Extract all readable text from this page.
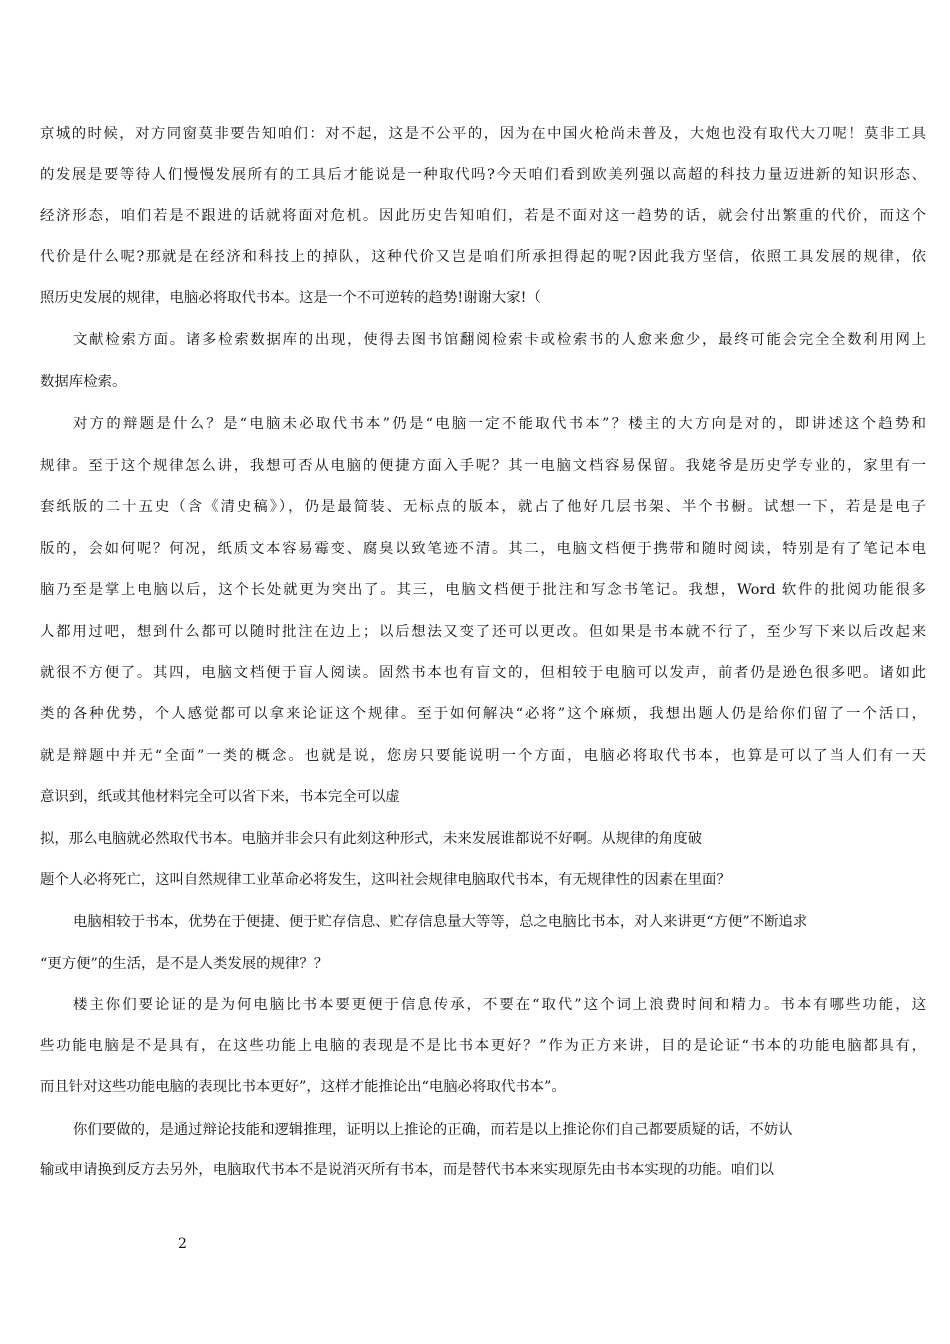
京城的时候，对方同窗莫非要告知咱们：对不起，这是不公平的，因为在中国火枪尚未普及，大炮也没有取代大刀呢！莫非工具
的发展是要等待人们慢慢发展所有的工具后才能说是一种取代吗?今天咱们看到欧美列强以高超的科技力量迈进新的知识形态、
经济形态，咱们若是不跟进的话就将面对危机。因此历史告知咱们，若是不面对这一趋势的话，就会付出繁重的代价，而这个
代价是什么呢?那就是在经济和科技上的掉队，这种代价又岂是咱们所承担得起的呢?因此我方坚信，依照工具发展的规律，依
照历史发展的规律，电脑必将取代书本。这是一个不可逆转的趋势!谢谢大家!（
文献检索方面。诸多检索数据库的出现，使得去图书馆翻阅检索卡或检索书的人愈来愈少，最终可能会完全全数利用网上
数据库检索。
对方的辩题是什么？是“电脑未必取代书本”仍是“电脑一定不能取代书本”？楼主的大方向是对的，即讲述这个趋势和
规律。至于这个规律怎么讲，我想可否从电脑的便捷方面入手呢？其一电脑文档容易保留。我姥爷是历史学专业的，家里有一
套纸版的二十五史（含《清史稿》），仍是最简装、无标点的版本，就占了他好几层书架、半个书橱。试想一下，若是是电子
版的，会如何呢？何况，纸质文本容易霉变、腐臭以致笔迹不清。其二，电脑文档便于携带和随时阅读，特别是有了笔记本电
脑乃至是掌上电脑以后，这个长处就更为突出了。其三，电脑文档便于批注和写念书笔记。我想，Word 软件的批阅功能很多
人都用过吧，想到什么都可以随时批注在边上；以后想法又变了还可以更改。但如果是书本就不行了，至少写下来以后改起来
就很不方便了。其四，电脑文档便于盲人阅读。固然书本也有盲文的，但相较于电脑可以发声，前者仍是逊色很多吧。诸如此
类的各种优势，个人感觉都可以拿来论证这个规律。至于如何解决“必将”这个麻烦，我想出题人仍是给你们留了一个活口，
就是辩题中并无“全面”一类的概念。也就是说，您房只要能说明一个方面，电脑必将取代书本，也算是可以了当人们有一天
意识到，纸或其他材料完全可以省下来，书本完全可以虚
拟，那么电脑就必然取代书本。电脑并非会只有此刻这种形式，未来发展谁都说不好啊。从规律的角度破
题个人必将死亡，这叫自然规律工业革命必将发生，这叫社会规律电脑取代书本，有无规律性的因素在里面？
电脑相较于书本，优势在于便捷、便于贮存信息、贮存信息量大等等，总之电脑比书本，对人来讲更“方便”不断追求
“更方便”的生活，是不是人类发展的规律？？
楼主你们要论证的是为何电脑比书本要更便于信息传承，不要在“取代”这个词上浪费时间和精力。书本有哪些功能，这
些功能电脑是不是具有，在这些功能上电脑的表现是不是比书本更好？”作为正方来讲，目的是论证“书本的功能电脑都具有，
而且针对这些功能电脑的表现比书本更好”，这样才能推论出“电脑必将取代书本”。
你们要做的，是通过辩论技能和逻辑推理，证明以上推论的正确，而若是以上推论你们自己都要质疑的话，不妨认
输或申请换到反方去另外，电脑取代书本不是说消灭所有书本，而是替代书本来实现原先由书本实现的功能。咱们以
2
